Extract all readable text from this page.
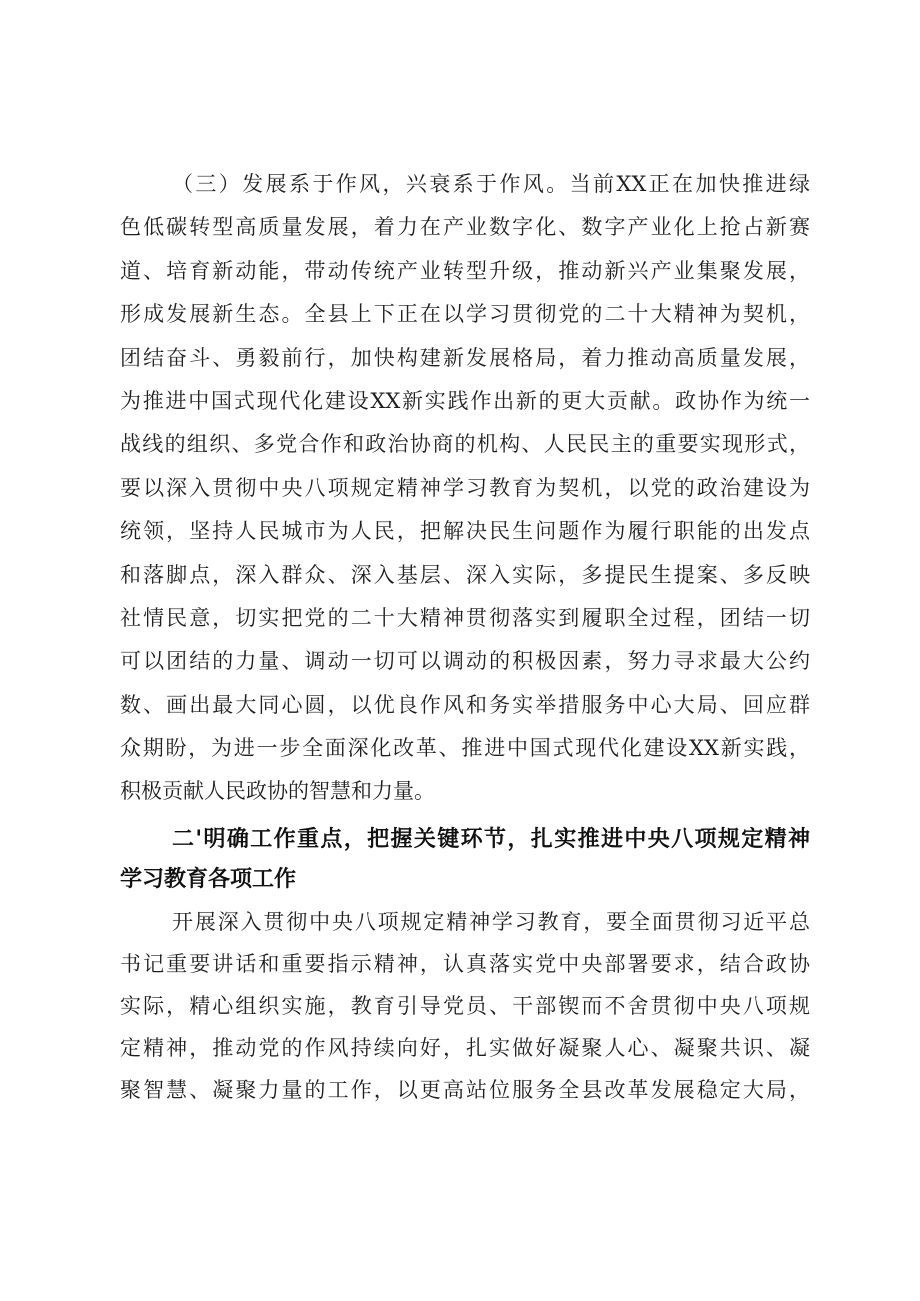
（三）发展系于作风，兴衰系于作风。当前XX正在加快推进绿
色低碳转型高质量发展，着力在产业数字化、数字产业化上抢占新赛
道、培育新动能，带动传统产业转型升级，推动新兴产业集聚发展，
形成发展新生态。全县上下正在以学习贯彻党的二十大精神为契机，
团结奋斗、勇毅前行，加快构建新发展格局，着力推动高质量发展，
为推进中国式现代化建设XX新实践作出新的更大贡献。政协作为统一
战线的组织、多党合作和政治协商的机构、人民民主的重要实现形式，
要以深入贯彻中央八项规定精神学习教育为契机，以党的政治建设为
统领，坚持人民城市为人民，把解决民生问题作为履行职能的出发点
和落脚点，深入群众、深入基层、深入实际，多提民生提案、多反映
社情民意，切实把党的二十大精神贯彻落实到履职全过程，团结一切
可以团结的力量、调动一切可以调动的积极因素，努力寻求最大公约
数、画出最大同心圆，以优良作风和务实举措服务中心大局、回应群
众期盼，为进一步全面深化改革、推进中国式现代化建设XX新实践，
积极贡献人民政协的智慧和力量。
二'明确工作重点，把握关键环节，扎实推进中央八项规定精神
学习教育各项工作
开展深入贯彻中央八项规定精神学习教育，要全面贯彻习近平总
书记重要讲话和重要指示精神，认真落实党中央部署要求，结合政协
实际，精心组织实施，教育引导党员、干部锲而不舍贯彻中央八项规
定精神，推动党的作风持续向好，扎实做好凝聚人心、凝聚共识、凝
聚智慧、凝聚力量的工作，以更高站位服务全县改革发展稳定大局，
